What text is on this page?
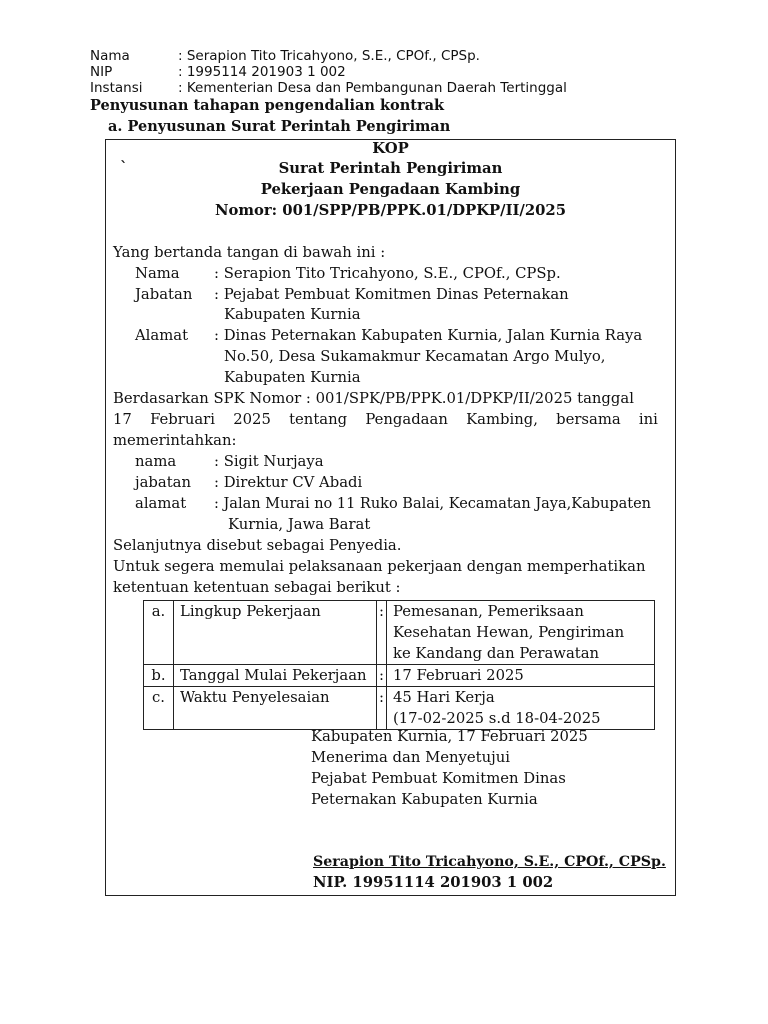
Nama	: Serapion Tito Tricahyono, S.E., CPOf., CPSp.
NIP	: 1995114 201903 1 002
Instansi	: Kementerian Desa dan Pembangunan Daerah Tertinggal
Penyusunan tahapan pengendalian kontrak
a. Penyusunan Surat Perintah Pengiriman
KOP
`	Surat Perintah Pengiriman
Pekerjaan Pengadaan Kambing
Nomor: 001/SPP/PB/PPK.01/DPKP/II/2025
Yang bertanda tangan di bawah ini :
Nama : Serapion Tito Tricahyono, S.E., CPOf., CPSp.
Jabatan : Pejabat Pembuat Komitmen Dinas Peternakan
Kabupaten Kurnia
Alamat : Dinas Peternakan Kabupaten Kurnia, Jalan Kurnia Raya
No.50, Desa Sukamakmur Kecamatan Argo Mulyo,
Kabupaten Kurnia
Berdasarkan SPK Nomor : 001/SPK/PB/PPK.01/DPKP/II/2025 tanggal
17 Februari 2025 tentang Pengadaan Kambing, bersama ini
memerintahkan:
nama	: Sigit Nurjaya
jabatan : Direktur CV Abadi
alamat : Jalan Murai no 11 Ruko Balai, Kecamatan Jaya,Kabupaten
Kurnia, Jawa Barat
Selanjutnya disebut sebagai Penyedia.
Untuk segera memulai pelaksanaan pekerjaan dengan memperhatikan
ketentuan ketentuan sebagai berikut :
a.	Lingkup Pekerjaan	:	Pemesanan, Pemeriksaan
Kesehatan Hewan, Pengiriman
ke Kandang dan Perawatan

b.	Tanggal Mulai Pekerjaan	:	17 Februari 2025

c.	Waktu Penyelesaian	:	45 Hari Kerja
(17-02-2025 s.d 18-04-2025
Kabupaten Kurnia, 17 Februari 2025
Menerima dan Menyetujui
Pejabat Pembuat Komitmen Dinas
Peternakan Kabupaten Kurnia
Serapion Tito Tricahyono, S.E., CPOf., CPSp.
NIP. 19951114 201903 1 002
